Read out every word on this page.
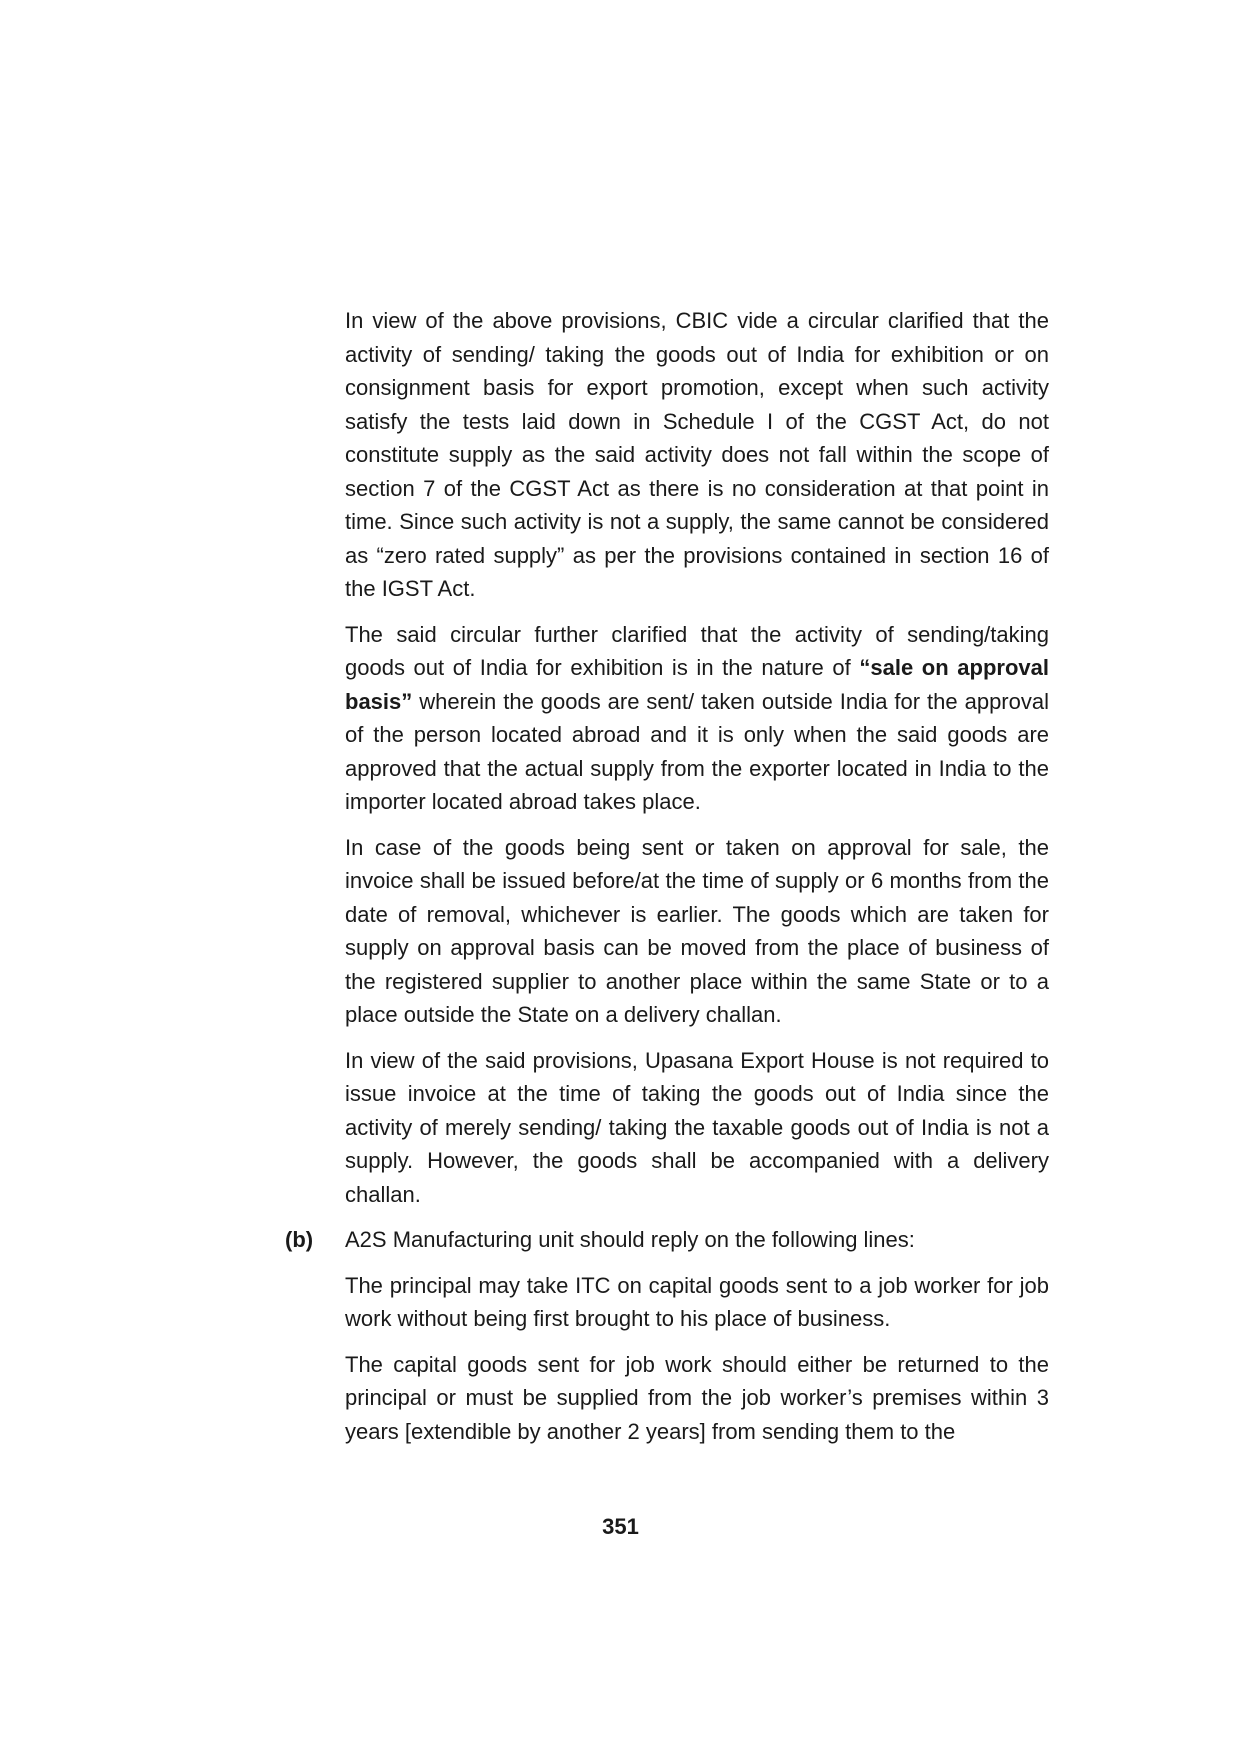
In view of the above provisions, CBIC vide a circular clarified that the activity of sending/ taking the goods out of India for exhibition or on consignment basis for export promotion, except when such activity satisfy the tests laid down in Schedule I of the CGST Act, do not constitute supply as the said activity does not fall within the scope of section 7 of the CGST Act as there is no consideration at that point in time. Since such activity is not a supply, the same cannot be considered as “zero rated supply” as per the provisions contained in section 16 of the IGST Act.

The said circular further clarified that the activity of sending/taking goods out of India for exhibition is in the nature of “sale on approval basis” wherein the goods are sent/ taken outside India for the approval of the person located abroad and it is only when the said goods are approved that the actual supply from the exporter located in India to the importer located abroad takes place.

In case of the goods being sent or taken on approval for sale, the invoice shall be issued before/at the time of supply or 6 months from the date of removal, whichever is earlier. The goods which are taken for supply on approval basis can be moved from the place of business of the registered supplier to another place within the same State or to a place outside the State on a delivery challan.

In view of the said provisions, Upasana Export House is not required to issue invoice at the time of taking the goods out of India since the activity of merely sending/ taking the taxable goods out of India is not a supply. However, the goods shall be accompanied with a delivery challan.

(b) A2S Manufacturing unit should reply on the following lines:

The principal may take ITC on capital goods sent to a job worker for job work without being first brought to his place of business.

The capital goods sent for job work should either be returned to the principal or must be supplied from the job worker’s premises within 3 years [extendible by another 2 years] from sending them to the

351
